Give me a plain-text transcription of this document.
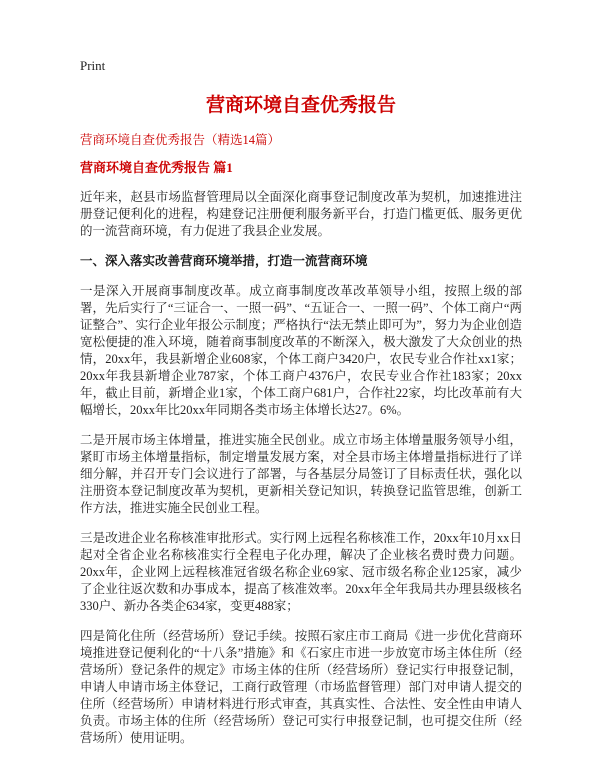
Print
营商环境自查优秀报告
营商环境自查优秀报告（精选14篇）
营商环境自查优秀报告 篇1

近年来，赵县市场监督管理局以全面深化商事登记制度改革为契机，加速推进注册登记便利化的进程，构建登记注册便利服务新平台，打造门槛更低、服务更优的一流营商环境，有力促进了我县企业发展。

一、深入落实改善营商环境举措，打造一流营商环境

一是深入开展商事制度改革。成立商事制度改革改革领导小组，按照上级的部署，先后实行了“三证合一、一照一码”、“五证合一、一照一码”、个体工商户“两证整合”、实行企业年报公示制度；严格执行“法无禁止即可为”，努力为企业创造宽松便捷的准入环境，随着商事制度改革的不断深入，极大激发了大众创业的热情，20xx年，我县新增企业608家，个体工商户3420户，农民专业合作社xx1家；20xx年我县新增企业787家，个体工商户4376户，农民专业合作社183家；20xx年，截止目前，新增企业1家，个体工商户681户，合作社22家，均比改革前有大幅增长，20xx年比20xx年同期各类市场主体增长达27。6%。

二是开展市场主体增量，推进实施全民创业。成立市场主体增量服务领导小组，紧盯市场主体增量指标，制定增量发展方案，对全县市场主体增量指标进行了详细分解，并召开专门会议进行了部署，与各基层分局签订了目标责任状，强化以注册资本登记制度改革为契机，更新相关登记知识，转换登记监管思维，创新工作方法，推进实施全民创业工程。

三是改进企业名称核准审批形式。实行网上远程名称核准工作，20xx年10月xx日起对全省企业名称核准实行全程电子化办理，解决了企业核名费时费力问题。20xx年，企业网上远程核准冠省级名称企业69家、冠市级名称企业125家，减少了企业往返次数和办事成本，提高了核准效率。20xx年全年我局共办理县级核名330户、新办各类企634家，变更488家；

四是简化住所（经营场所）登记手续。按照石家庄市工商局《进一步优化营商环境推进登记便利化的“十八条”措施》和《石家庄市进一步放宽市场主体住所（经营场所）登记条件的规定》市场主体的住所（经营场所）登记实行申报登记制，申请人申请市场主体登记，工商行政管理（市场监督管理）部门对申请人提交的住所（经营场所）申请材料进行形式审查，其真实性、合法性、安全性由申请人负责。市场主体的住所（经营场所）登记可实行申报登记制，也可提交住所（经营场所）使用证明。
